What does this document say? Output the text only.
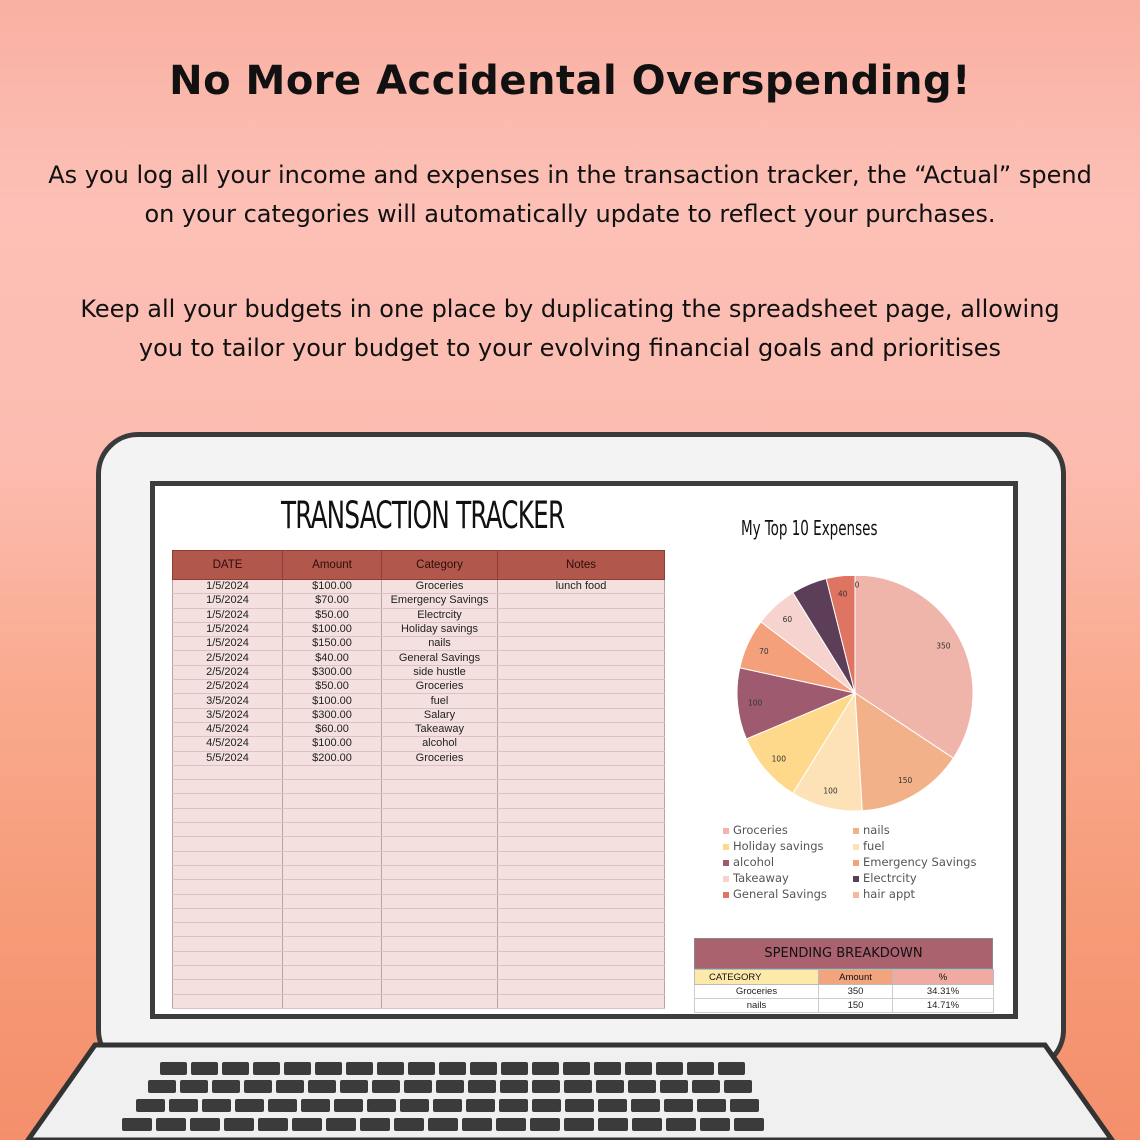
No More Accidental Overspending!

As you log all your income and expenses in the transaction tracker, the “Actual” spend
on your categories will automatically update to reflect your purchases.

Keep all your budgets in one place by duplicating the spreadsheet page, allowing
you to tailor your budget to your evolving financial goals and prioritises

TRANSACTION TRACKER
DATE	Amount	Category	Notes
1/5/2024	$100.00	Groceries	lunch food
1/5/2024	$70.00	Emergency Savings	
1/5/2024	$50.00	Electrcity	
1/5/2024	$100.00	Holiday savings	
1/5/2024	$150.00	nails	
2/5/2024	$40.00	General Savings	
2/5/2024	$300.00	side hustle	
2/5/2024	$50.00	Groceries	
3/5/2024	$100.00	fuel	
3/5/2024	$300.00	Salary	
4/5/2024	$60.00	Takeaway	
4/5/2024	$100.00	alcohol	
5/5/2024	$200.00	Groceries	

My Top 10 Expenses
350
150
100
100
100
70
60
40
0
Groceries	nails
Holiday savings	fuel
alcohol	Emergency Savings
Takeaway	Electrcity
General Savings	hair appt
SPENDING BREAKDOWN
CATEGORY	Amount	%
Groceries	350	34.31%
nails	150	14.71%
